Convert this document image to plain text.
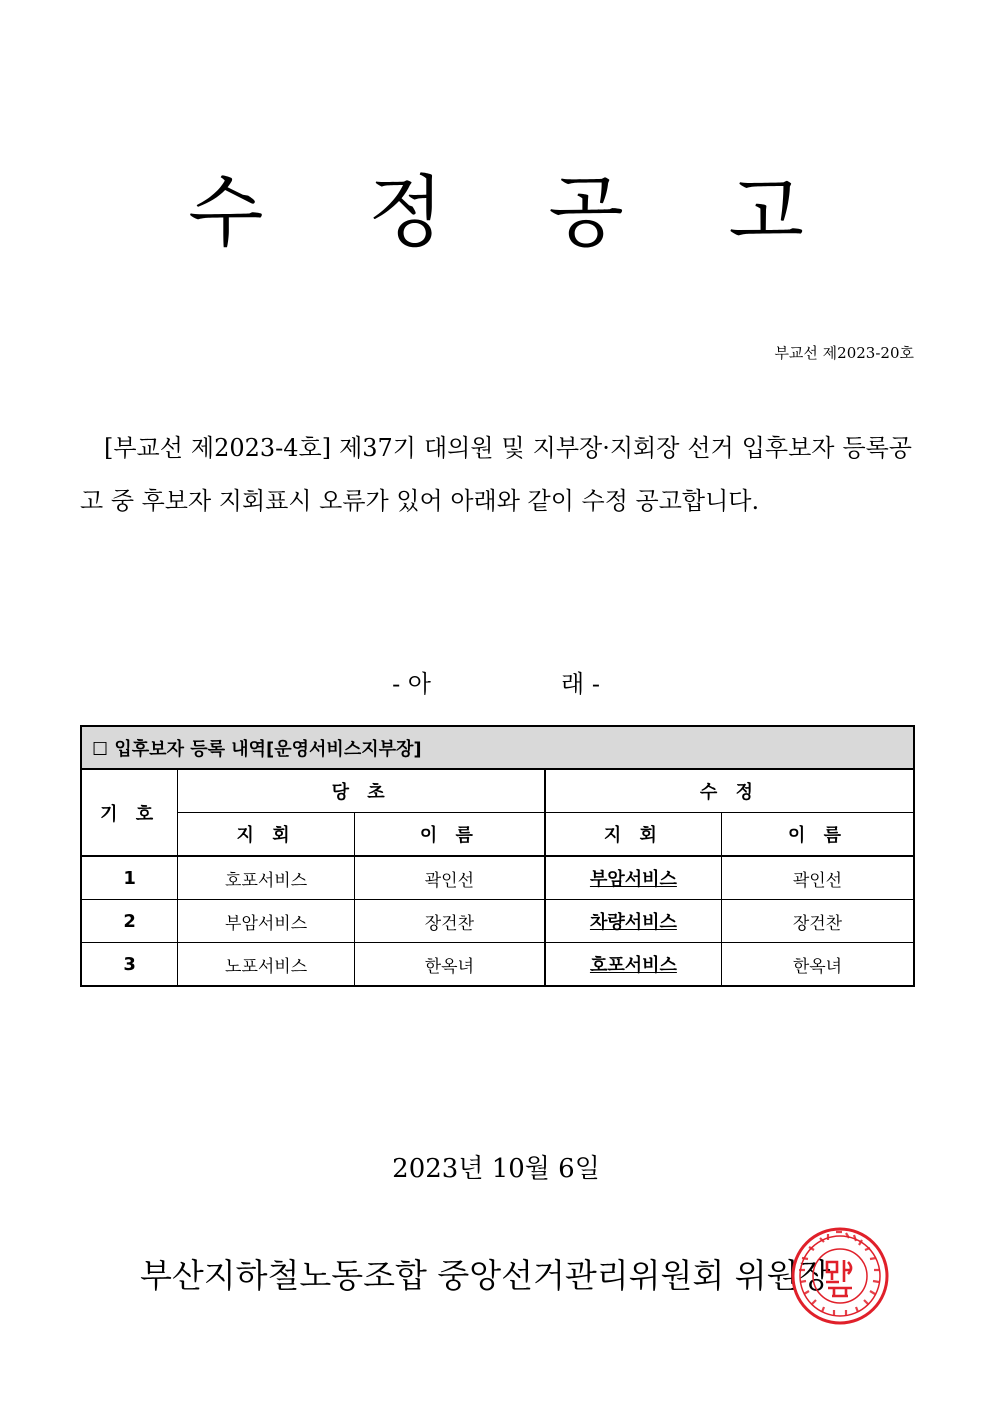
수 정 공 고
부교선 제2023-20호
[부교선 제2023-4호] 제37기 대의원 및 지부장·지회장 선거 입후보자 등록공고 중 후보자 지회표시 오류가 있어 아래와 같이 수정 공고합니다.
- 아	래 -
☐ 입후보자 등록 내역[운영서비스지부장]				
기 호	당 초		수 정	
	지 회	이 름	지 회	이 름
1	호포서비스	곽인선	부암서비스	곽인선
2	부암서비스	장건찬	차량서비스	장건찬
3	노포서비스	한옥녀	호포서비스	한옥녀
2023년 10월 6일
부산지하철노동조합 중앙선거관리위원회 위원장
